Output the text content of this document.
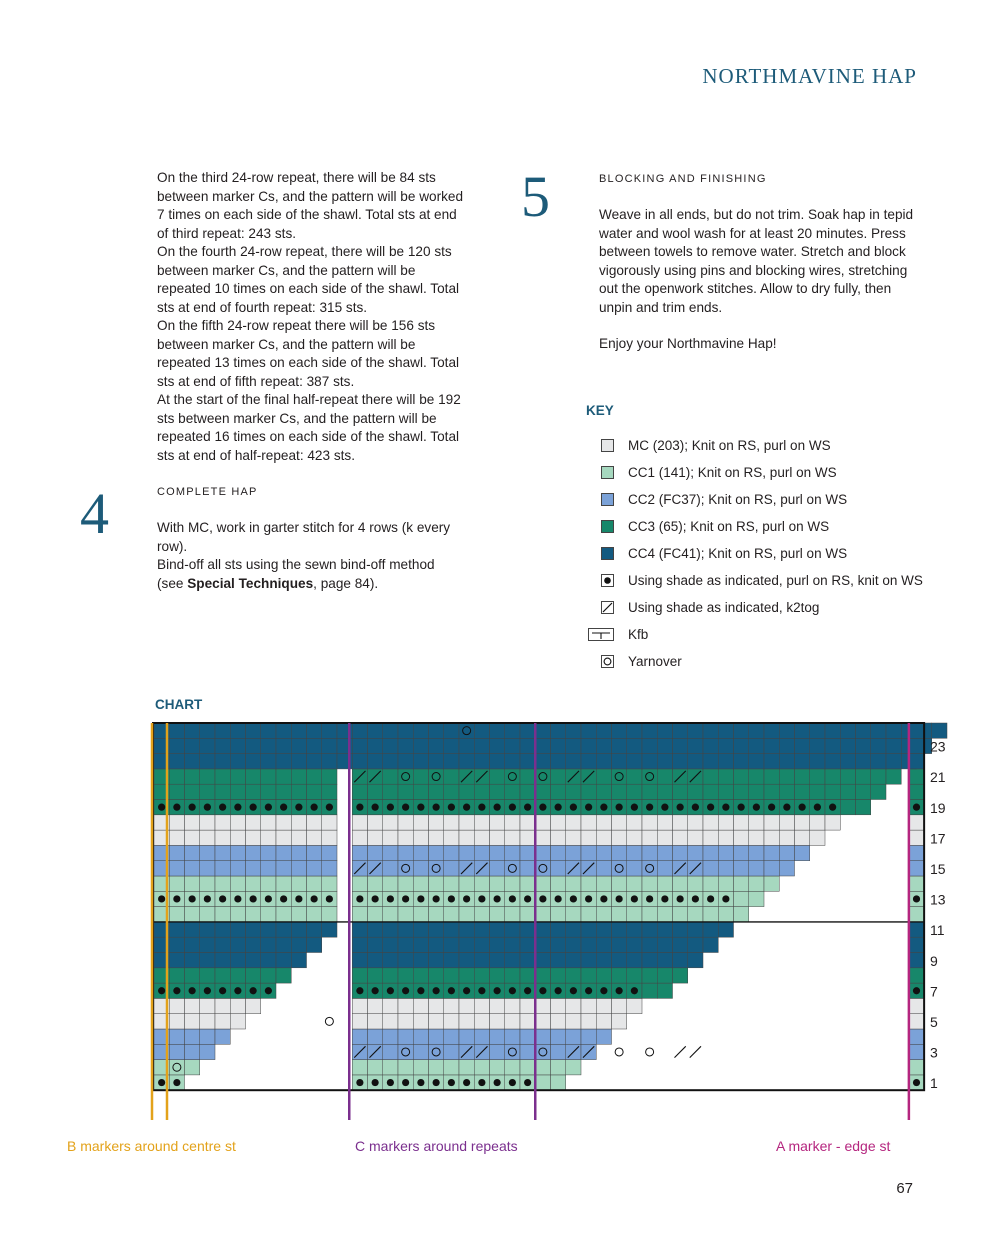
NORTHMAVINE HAP

On the third 24-row repeat, there will be 84 sts between marker Cs, and the pattern will be worked 7 times on each side of the shawl. Total sts at end of third repeat: 243 sts.

On the fourth 24-row repeat, there will be 120 sts between marker Cs, and the pattern will be repeated 10 times on each side of the shawl. Total sts at end of fourth repeat: 315 sts.

On the fifth 24-row repeat there will be 156 sts between marker Cs, and the pattern will be repeated 13 times on each side of the shawl. Total sts at end of fifth repeat: 387 sts.

At the start of the final half-repeat there will be 192 sts between marker Cs, and the pattern will be repeated 16 times on each side of the shawl. Total sts at end of half-repeat: 423 sts.

4	COMPLETE HAP

With MC, work in garter stitch for 4 rows (k every row).

Bind-off all sts using the sewn bind-off method
(see Special Techniques, page 84).

5	BLOCKING AND FINISHING

Weave in all ends, but do not trim. Soak hap in tepid water and wool wash for at least 20 minutes. Press between towels to remove water. Stretch and block vigorously using pins and blocking wires, stretching out the openwork stitches. Allow to dry fully, then unpin and trim ends.

Enjoy your Northmavine Hap!

KEY
MC (203); Knit on RS, purl on WS
CC1 (141); Knit on RS, purl on WS
CC2 (FC37); Knit on RS, purl on WS
CC3 (65); Knit on RS, purl on WS
CC4 (FC41); Knit on RS, purl on WS
Using shade as indicated, purl on RS, knit on WS
Using shade as indicated, k2tog
Kfb
Yarnover
CHART
23
21
19
17
15
13
11
9
7
5
3
1
B markers around centre st	C markers around repeats	A marker - edge st
67
